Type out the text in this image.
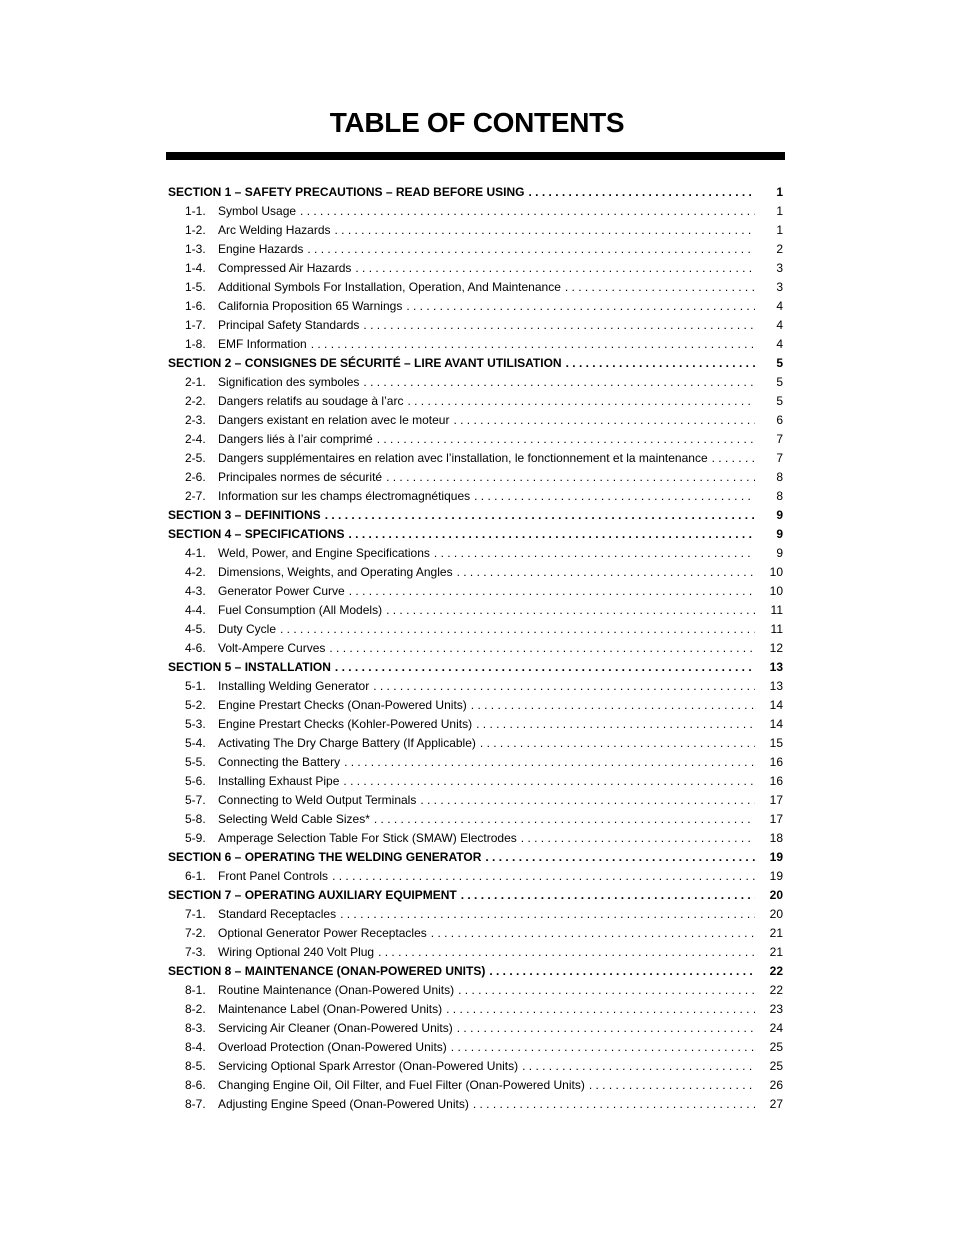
TABLE OF CONTENTS
SECTION 1 – SAFETY PRECAUTIONS – READ BEFORE USING . . .	1
1-1.	Symbol Usage . . .	1
1-2.	Arc Welding Hazards . . .	1
1-3.	Engine Hazards . . .	2
1-4.	Compressed Air Hazards . . .	3
1-5.	Additional Symbols For Installation, Operation, And Maintenance . . .	3
1-6.	California Proposition 65 Warnings . . .	4
1-7.	Principal Safety Standards . . .	4
1-8.	EMF Information . . .	4
SECTION 2 – CONSIGNES DE SÉCURITÉ – LIRE AVANT UTILISATION . . .	5
2-1.	Signification des symboles . . .	5
2-2.	Dangers relatifs au soudage à l’arc . . .	5
2-3.	Dangers existant en relation avec le moteur . . .	6
2-4.	Dangers liés à l’air comprimé . . .	7
2-5.	Dangers supplémentaires en relation avec l’installation, le fonctionnement et la maintenance . . .	7
2-6.	Principales normes de sécurité . . .	8
2-7.	Information sur les champs électromagnétiques . . .	8
SECTION 3 – DEFINITIONS . . .	9
SECTION 4 – SPECIFICATIONS . . .	9
4-1.	Weld, Power, and Engine Specifications . . .	9
4-2.	Dimensions, Weights, and Operating Angles . . .	10
4-3.	Generator Power Curve . . .	10
4-4.	Fuel Consumption (All Models) . . .	11
4-5.	Duty Cycle . . .	11
4-6.	Volt-Ampere Curves . . .	12
SECTION 5 – INSTALLATION . . .	13
5-1.	Installing Welding Generator . . .	13
5-2.	Engine Prestart Checks (Onan-Powered Units) . . .	14
5-3.	Engine Prestart Checks (Kohler-Powered Units) . . .	14
5-4.	Activating The Dry Charge Battery (If Applicable) . . .	15
5-5.	Connecting the Battery . . .	16
5-6.	Installing Exhaust Pipe . . .	16
5-7.	Connecting to Weld Output Terminals . . .	17
5-8.	Selecting Weld Cable Sizes* . . .	17
5-9.	Amperage Selection Table For Stick (SMAW) Electrodes . . .	18
SECTION 6 – OPERATING THE WELDING GENERATOR . . .	19
6-1.	Front Panel Controls . . .	19
SECTION 7 – OPERATING AUXILIARY EQUIPMENT . . .	20
7-1.	Standard Receptacles . . .	20
7-2.	Optional Generator Power Receptacles . . .	21
7-3.	Wiring Optional 240 Volt Plug . . .	21
SECTION 8 – MAINTENANCE (ONAN-POWERED UNITS) . . .	22
8-1.	Routine Maintenance (Onan-Powered Units) . . .	22
8-2.	Maintenance Label (Onan-Powered Units) . . .	23
8-3.	Servicing Air Cleaner (Onan-Powered Units) . . .	24
8-4.	Overload Protection (Onan-Powered Units) . . .	25
8-5.	Servicing Optional Spark Arrestor (Onan-Powered Units) . . .	25
8-6.	Changing Engine Oil, Oil Filter, and Fuel Filter (Onan-Powered Units) . . .	26
8-7.	Adjusting Engine Speed (Onan-Powered Units) . . .	27
